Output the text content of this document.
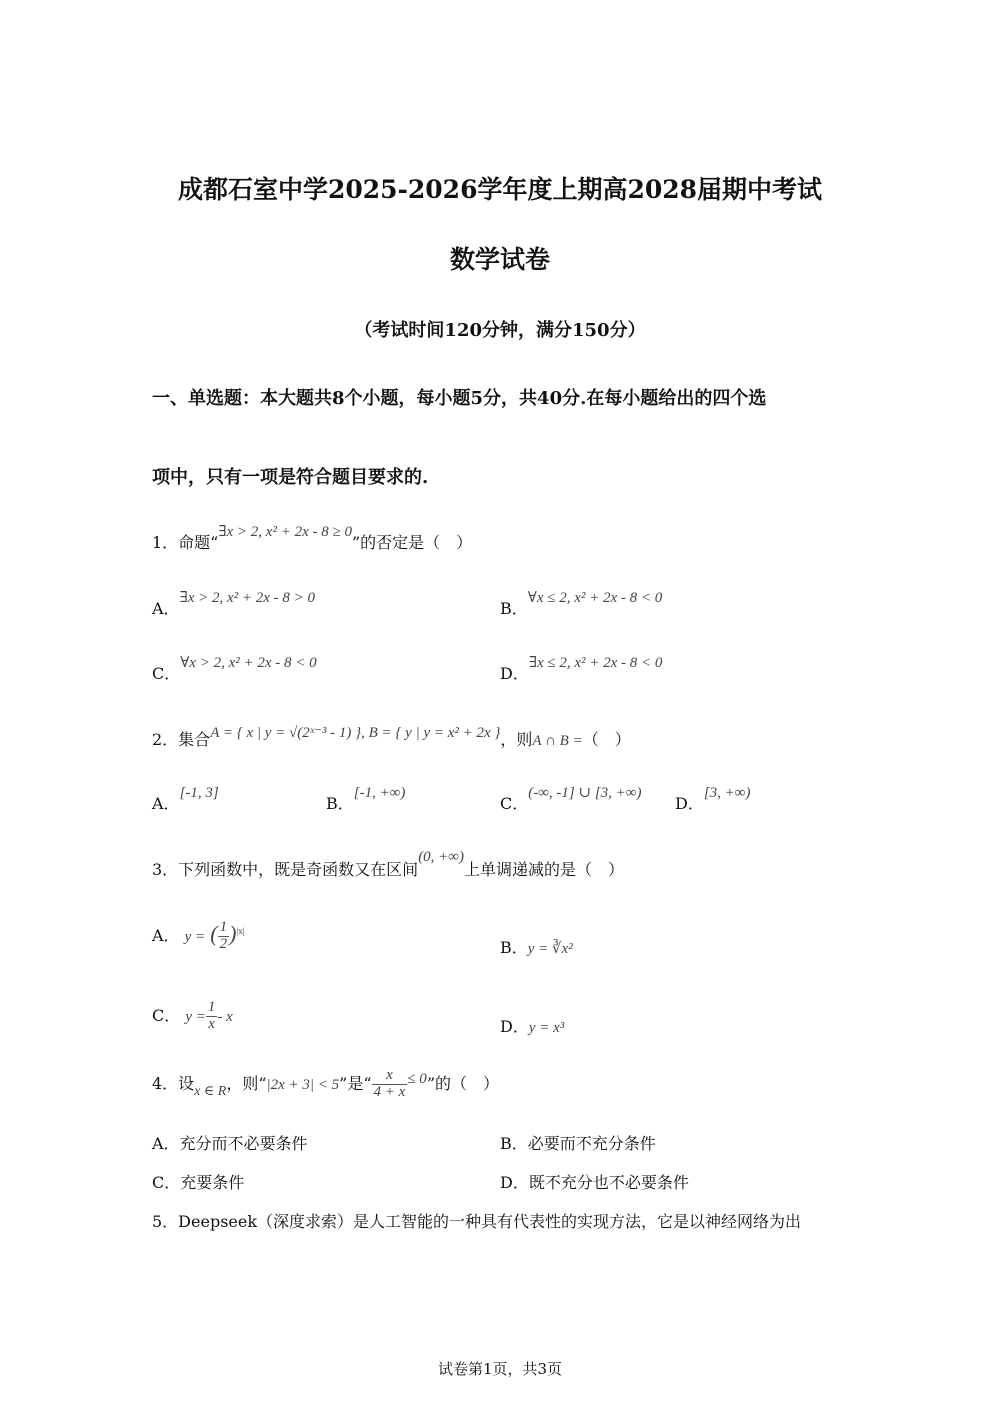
成都石室中学2025-2026学年度上期高2028届期中考试
数学试卷
（考试时间120分钟，满分150分）
一、单选题：本大题共8个小题，每小题5分，共40分.在每小题给出的四个选
项中，只有一项是符合题目要求的.
1．命题“∃x > 2, x² + 2x - 8 ≥ 0”的否定是（　）
A．∃x > 2, x² + 2x - 8 > 0
B．∀x ≤ 2, x² + 2x - 8 < 0
C．∀x > 2, x² + 2x - 8 < 0
D．∃x ≤ 2, x² + 2x - 8 < 0
2．集合A = { x | y = √(2ˣ⁻³ - 1) }, B = { y | y = x² + 2x }，则A ∩ B =（　）
A．[-1, 3]
B．[-1, +∞)
C．(-∞, -1] ∪ [3, +∞)
D．[3, +∞)
3．下列函数中，既是奇函数又在区间(0, +∞)上单调递减的是（　）
A． y = ( $\frac{1}{2} )^{|x|}$
B．y = ∛x²
C． $y = \frac{1}{x} - x$
D．y = x³
4．设x ∈ R，则“|2x + 3| < 5”是“ $\frac{x}{4 + x} \le 0$”的（　）
A．充分而不必要条件	B．必要而不充分条件
C．充要条件	D．既不充分也不必要条件
5．Deepseek（深度求索）是人工智能的一种具有代表性的实现方法，它是以神经网络为出
试卷第1页，共3页
